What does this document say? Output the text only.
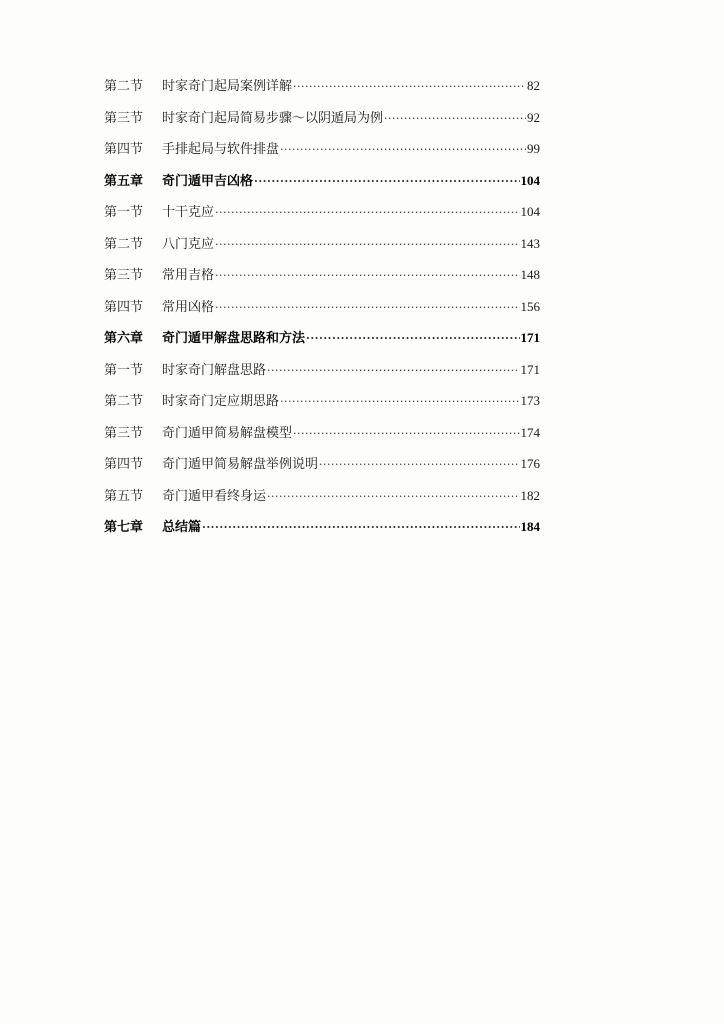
第二节	时家奇门起局案例详解 ·····	82
第三节	时家奇门起局简易步骤～以阴遁局为例 ·····	92
第四节	手排起局与软件排盘 ·····	99
第五章	奇门遁甲吉凶格 ·····	104
第一节	十干克应 ·····	104
第二节	八门克应 ·····	143
第三节	常用吉格 ·····	148
第四节	常用凶格 ·····	156
第六章	奇门遁甲解盘思路和方法 ·····	171
第一节	时家奇门解盘思路 ·····	171
第二节	时家奇门定应期思路 ·····	173
第三节	奇门遁甲简易解盘模型 ·····	174
第四节	奇门遁甲简易解盘举例说明 ·····	176
第五节	奇门遁甲看终身运 ·····	182
第七章	总结篇 ·····	184
